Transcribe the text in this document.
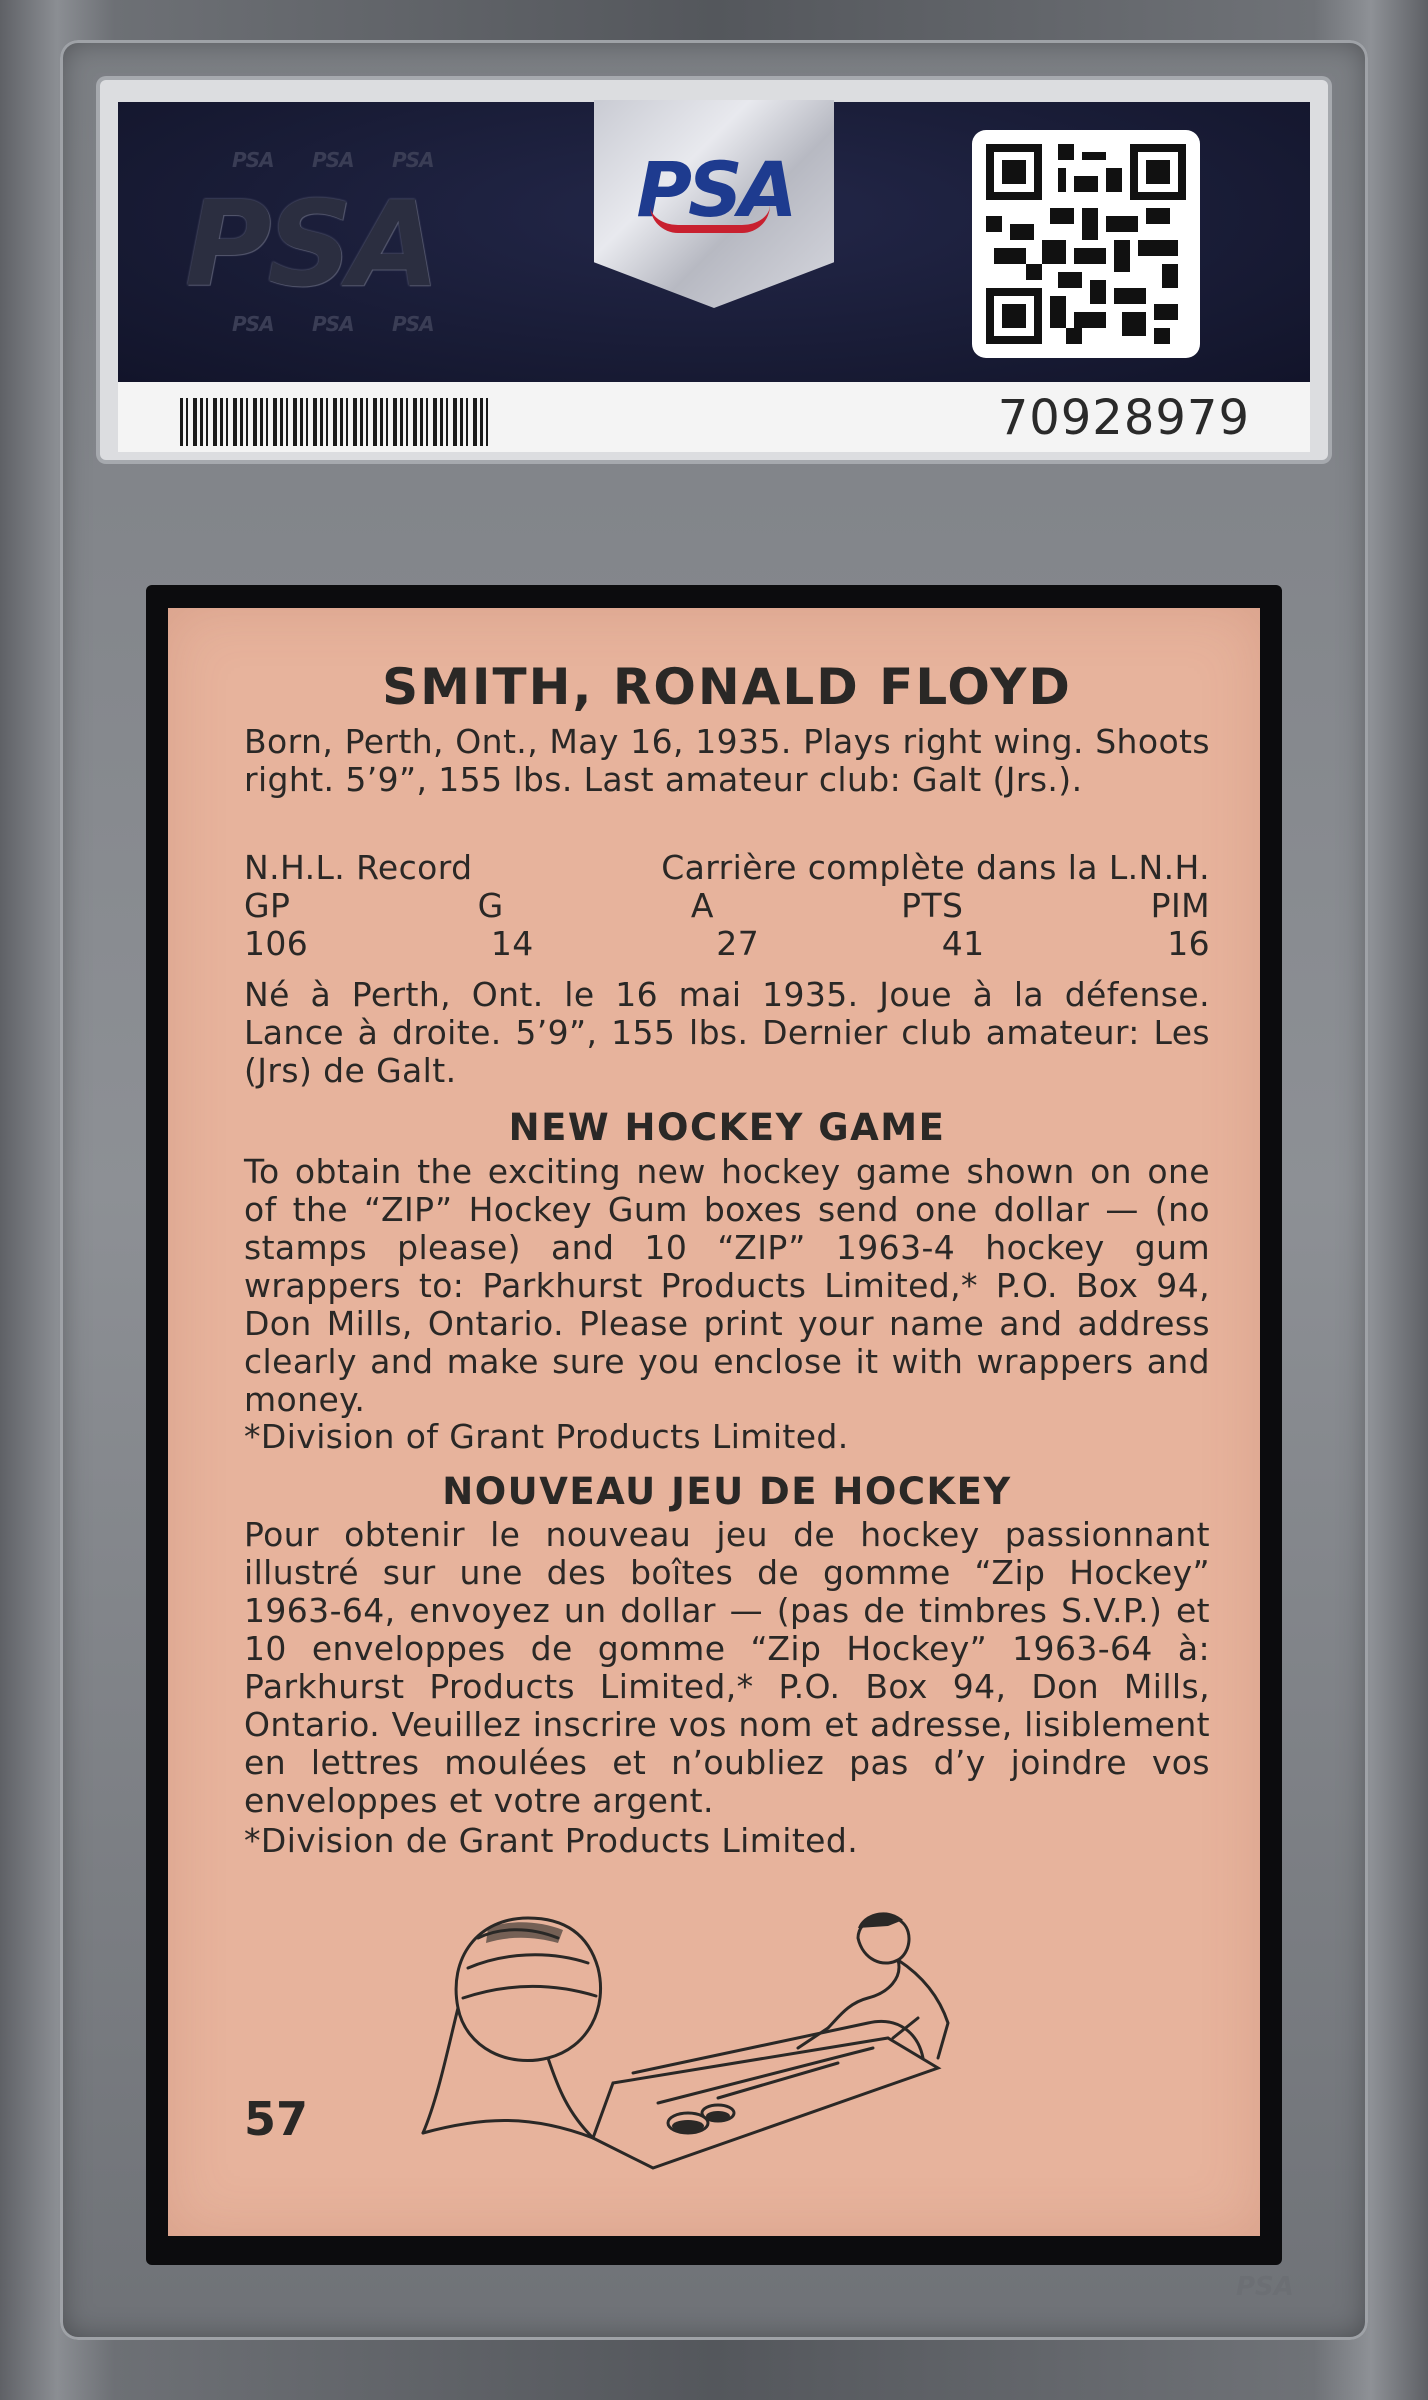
PSA PSA PSA
PSA
PSA PSA PSA
PSA
70928979
SMITH, RONALD FLOYD
Born, Perth, Ont., May 16, 1935. Plays right wing. Shoots right. 5’9”, 155 lbs. Last amateur club: Galt (Jrs.).
N.H.L. Record	Carrière complète dans la L.N.H.
GP	G	A	PTS	PIM
106	14	27	41	16
Né à Perth, Ont. le 16 mai 1935. Joue à la défense. Lance à droite. 5’9”, 155 lbs. Dernier club amateur: Les (Jrs) de Galt.
NEW HOCKEY GAME
To obtain the exciting new hockey game shown on one of the “ZIP” Hockey Gum boxes send one dollar — (no stamps please) and 10 “ZIP” 1963-4 hockey gum wrappers to: Parkhurst Products Limited,* P.O. Box 94, Don Mills, Ontario. Please print your name and address clearly and make sure you enclose it with wrappers and money.
*Division of Grant Products Limited.
NOUVEAU JEU DE HOCKEY
Pour obtenir le nouveau jeu de hockey passionnant illustré sur une des boîtes de gomme “Zip Hockey” 1963-64, envoyez un dollar — (pas de timbres S.V.P.) et 10 enveloppes de gomme “Zip Hockey” 1963-64 à: Parkhurst Products Limited,* P.O. Box 94, Don Mills, Ontario. Veuillez inscrire vos nom et adresse, lisiblement en lettres moulées et n’oubliez pas d’y joindre vos enveloppes et votre argent.
*Division de Grant Products Limited.
57
PSA
